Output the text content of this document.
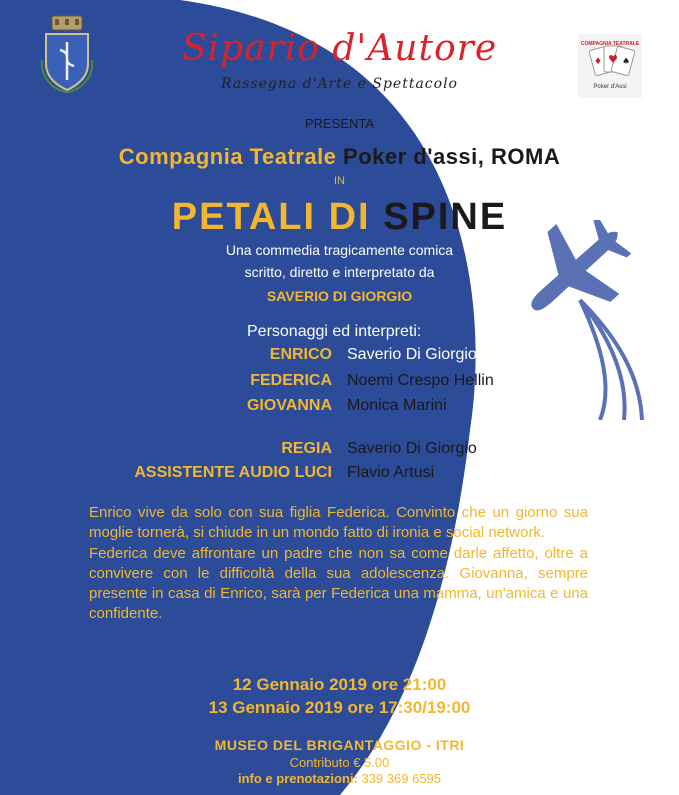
Sipario d'Autore
Rassegna d'Arte e Spettacolo
♥
♦ ♠
COMPAGNIA TEATRALE
Poker d'Assi
PRESENTA
Compagnia Teatrale Poker d'assi, ROMA
IN
PETALI DI SPINE
Una commedia tragicamente comica
scritto, diretto e interpretato da
SAVERIO DI GIORGIO
Personaggi ed interpreti:
ENRICO Saverio Di Giorgio
FEDERICA Noemi Crespo Hellin
GIOVANNA Monica Marini
REGIA Saverio Di Giorgio
ASSISTENTE AUDIO LUCI Flavio Artusi

Enrico vive da solo con sua figlia Federica. Convinto che un giorno sua moglie tornerà, si chiude in un mondo fatto di ironia e social network.

Federica deve affrontare un padre che non sa come darle affetto, oltre a convivere con le difficoltà della sua adolescenza. Giovanna, sempre presente in casa di Enrico, sarà per Federica una mamma, un'amica e una confidente.

12 Gennaio 2019 ore 21:00
13 Gennaio 2019 ore 17:30/19:00
MUSEO DEL BRIGANTAGGIO - ITRI
Contributo € 5.00
info e prenotazioni: 339 369 6595
